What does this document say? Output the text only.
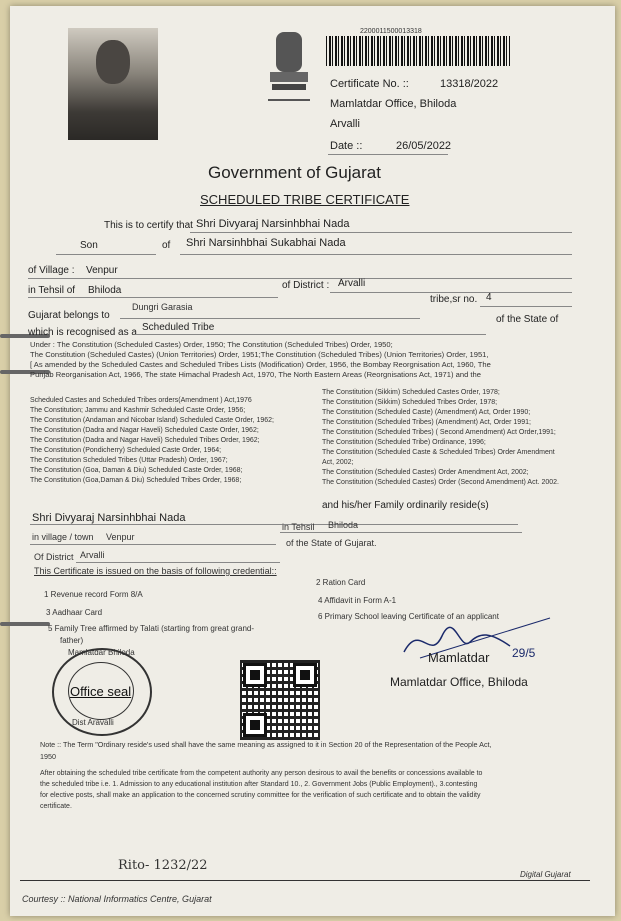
2200011500013318
Certificate No. ::	13318/2022
Mamlatdar Office, Bhiloda
Arvalli
Date ::	26/05/2022
Government of Gujarat
SCHEDULED TRIBE CERTIFICATE
This is to certify that Shri Divyaraj Narsinhbhai Nada
Son	of Shri Narsinhbhai Sukabhai Nada
of Village : Venpur
in Tehsil of Bhiloda	of District : Arvalli
Dungri Garasia
Gujarat belongs to
tribe,sr no. 4
which is recognised as a Scheduled Tribe
of the State of
Under : The Constitution (Scheduled Castes) Order, 1950; The Constitution (Scheduled Tribes) Order, 1950;
The Constitution (Scheduled Castes) (Union Territories) Order, 1951;The Constitution (Scheduled Tribes) (Union Territories) Order, 1951,
[ As amended by the Scheduled Castes and Scheduled Tribes Lists (Modification) Order, 1956, the Bombay Reorgnisation Act, 1960, The
Punjab Reorganisation Act, 1966, The state Himachal Pradesh Act, 1970, The North Eastern Areas (Reorgnisations Act, 1971) and the
Scheduled Castes and Scheduled Tribes orders(Amendment ) Act,1976
The Constitution; Jammu and Kashmir Scheduled Caste Order, 1956;
The Constitution (Andaman and Nicobar Island) Scheduled Caste Order, 1962;
The Constitution (Dadra and Nagar Haveli) Scheduled Caste Order, 1962;
The Constitution (Dadra and Nagar Haveli) Scheduled Tribes Order, 1962;
The Constitution (Pondicherry) Scheduled Caste Order, 1964;
The Constitution Scheduled Tribes (Uttar Pradesh) Order, 1967;
The Constitution (Goa, Daman & Diu) Scheduled Caste Order, 1968;
The Constitution (Goa,Daman & Diu) Scheduled Tribes Order, 1968;
The Constitution (Sikkim) Scheduled Castes Order, 1978;
The Constitution (Sikkim) Scheduled Tribes Order, 1978;
The Constitution (Scheduled Caste) (Amendment) Act, Order 1990;
The Constitution (Scheduled Tribes) (Amendment) Act, Order 1991;
The Constitution (Scheduled Tribes) ( Second Amendment) Act Order,1991;
The Constitution (Scheduled Tribe) Ordinance, 1996;
The Constitution (Scheduled Caste & Scheduled Tribes) Order Amendment
Act, 2002;
The Constitution (Scheduled Castes) Order Amendment Act, 2002;
The Constitution (Scheduled Castes) Order (Second Amendment) Act. 2002.
and his/her Family ordinarily reside(s)
Shri Divyaraj Narsinhbhai Nada
in village / town Venpur
in Tehsil Bhiloda
Of District Arvalli
of the State of Gujarat.
This Certificate is issued on the basis of following credential::
1 Revenue record Form 8/A
2 Ration Card
3 Aadhaar Card
4 Affidavit in Form A-1
5 Family Tree affirmed by Talati (starting from great grand-
father)
6 Primary School leaving Certificate of an applicant
Mamlatdar Bhiloda
Office seal
Dist Aravalli
29/5
Mamlatdar
Mamlatdar Office, Bhiloda
Note :: The Term "Ordinary reside's used shall have the same meaning as assigned to it in Section 20 of the Representation of the People Act,
1950
After obtaining the scheduled tribe certificate from the competent authority any person desirous to avail the benefits or concessions available to
the scheduled tribe i.e. 1. Admission to any educational institution after Standard 10., 2. Government Jobs (Public Employment)., 3.contesting
for elective posts, shall make an application to the concerned scrutiny committee for the verification of such certificate and to obtain the validity
certificate.
Rito- 1232/22
Courtesy :: National Informatics Centre, Gujarat
Digital Gujarat
